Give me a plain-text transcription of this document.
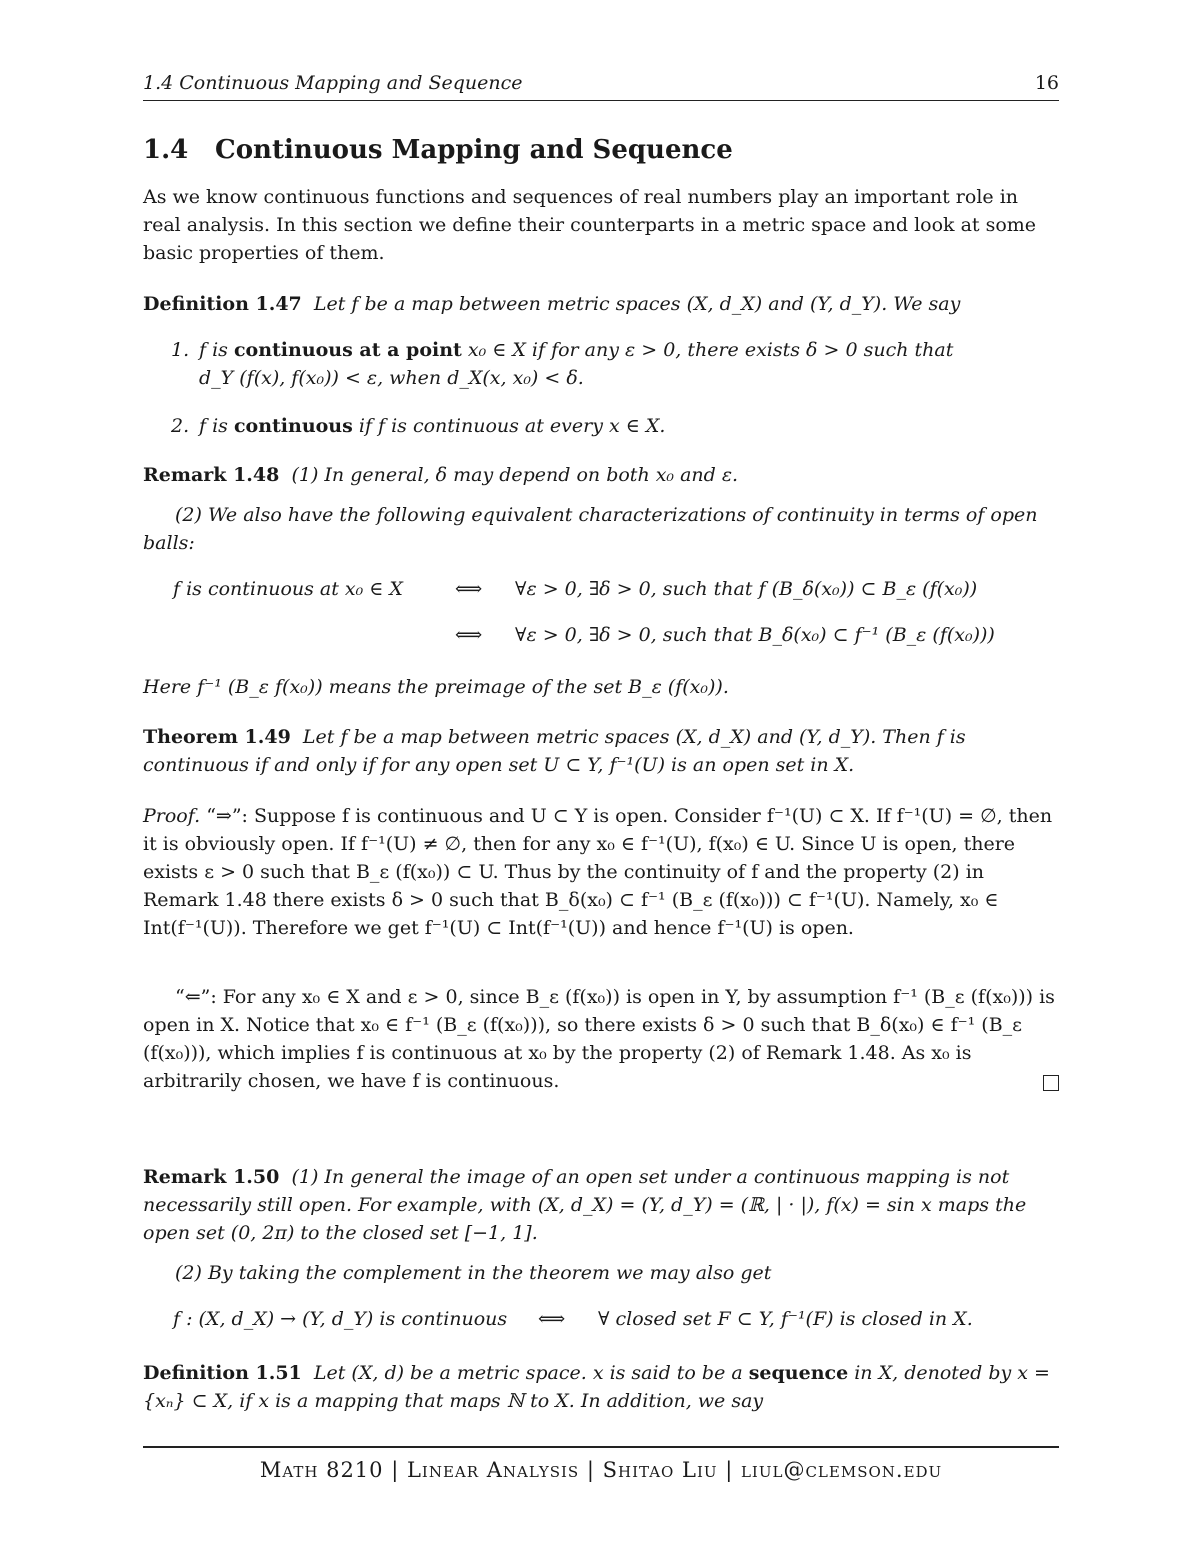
1.4 Continuous Mapping and Sequence	16
1.4 Continuous Mapping and Sequence
As we know continuous functions and sequences of real numbers play an important role in real analysis. In this section we define their counterparts in a metric space and look at some basic properties of them.
Definition 1.47 Let f be a map between metric spaces (X, d_X) and (Y, d_Y). We say
1. f is continuous at a point x₀ ∈ X if for any ε > 0, there exists δ > 0 such that
d_Y (f(x), f(x₀)) < ε, when d_X(x, x₀) < δ.
2. f is continuous if f is continuous at every x ∈ X.
Remark 1.48 (1) In general, δ may depend on both x₀ and ε.
(2) We also have the following equivalent characterizations of continuity in terms of open balls:
f is continuous at x₀ ∈ X	⟺ ∀ε > 0, ∃δ > 0, such that f (B_δ(x₀)) ⊂ B_ε (f(x₀))
⟺ ∀ε > 0, ∃δ > 0, such that B_δ(x₀) ⊂ f⁻¹ (B_ε (f(x₀)))
Here f⁻¹ (B_ε f(x₀)) means the preimage of the set B_ε (f(x₀)).
Theorem 1.49 Let f be a map between metric spaces (X, d_X) and (Y, d_Y). Then f is continuous if and only if for any open set U ⊂ Y, f⁻¹(U) is an open set in X.
Proof. “⇒”: Suppose f is continuous and U ⊂ Y is open. Consider f⁻¹(U) ⊂ X. If f⁻¹(U) = ∅, then it is obviously open. If f⁻¹(U) ≠ ∅, then for any x₀ ∈ f⁻¹(U), f(x₀) ∈ U. Since U is open, there exists ε > 0 such that B_ε (f(x₀)) ⊂ U. Thus by the continuity of f and the property (2) in Remark 1.48 there exists δ > 0 such that B_δ(x₀) ⊂ f⁻¹ (B_ε (f(x₀))) ⊂ f⁻¹(U). Namely, x₀ ∈ Int(f⁻¹(U)). Therefore we get f⁻¹(U) ⊂ Int(f⁻¹(U)) and hence f⁻¹(U) is open.
“⇐”: For any x₀ ∈ X and ε > 0, since B_ε (f(x₀)) is open in Y, by assumption f⁻¹ (B_ε (f(x₀))) is open in X. Notice that x₀ ∈ f⁻¹ (B_ε (f(x₀))), so there exists δ > 0 such that B_δ(x₀) ∈ f⁻¹ (B_ε (f(x₀))), which implies f is continuous at x₀ by the property (2) of Remark 1.48. As x₀ is arbitrarily chosen, we have f is continuous.
Remark 1.50 (1) In general the image of an open set under a continuous mapping is not necessarily still open. For example, with (X, d_X) = (Y, d_Y) = (ℝ, | · |), f(x) = sin x maps the open set (0, 2π) to the closed set [−1, 1].
(2) By taking the complement in the theorem we may also get
f : (X, d_X) → (Y, d_Y) is continuous ⟺ ∀ closed set F ⊂ Y, f⁻¹(F) is closed in X.
Definition 1.51 Let (X, d) be a metric space. x is said to be a sequence in X, denoted by x = {xₙ} ⊂ X, if x is a mapping that maps ℕ to X. In addition, we say
Math 8210 | Linear Analysis | Shitao Liu | liul@clemson.edu
